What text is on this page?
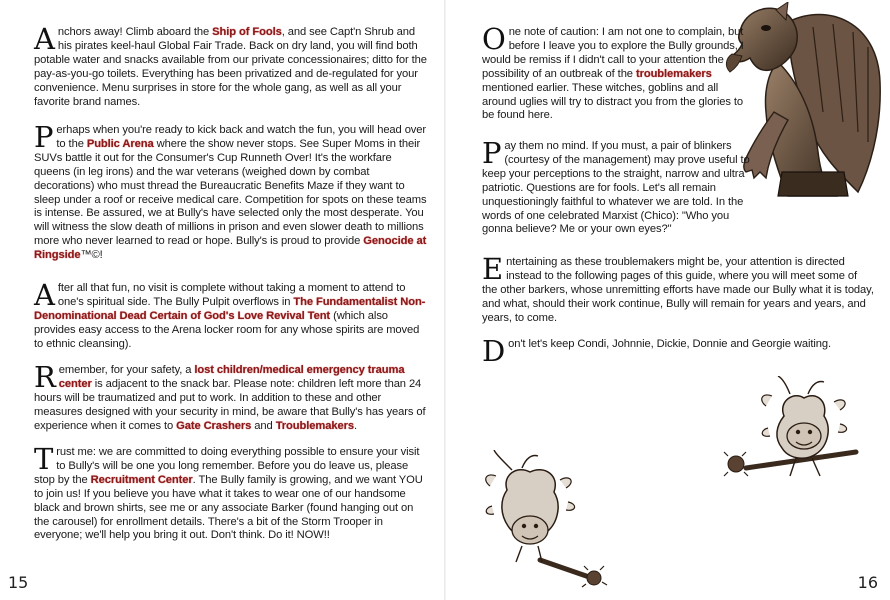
Anchors away! Climb aboard the Ship of Fools, and see Capt'n Shrub and his pirates keel-haul Global Fair Trade. Back on dry land, you will find both potable water and snacks available from our private concessionaires; ditto for the pay-as-you-go toilets. Everything has been privatized and de-regulated for your convenience. Menu surprises in store for the whole gang, as well as all your favorite brand names.

Perhaps when you're ready to kick back and watch the fun, you will head over to the Public Arena where the show never stops. See Super Moms in their SUVs battle it out for the Consumer's Cup Runneth Over! It's the workfare queens (in leg irons) and the war veterans (weighed down by combat decorations) who must thread the Bureaucratic Benefits Maze if they want to sleep under a roof or receive medical care. Competition for spots on these teams is intense. Be assured, we at Bully's have selected only the most desperate. You will witness the slow death of millions in prison and even slower death to millions more who never learned to read or hope. Bully's is proud to provide Genocide at Ringside™©!

After all that fun, no visit is complete without taking a moment to attend to one's spiritual side. The Bully Pulpit overflows in The Fundamentalist Non-Denominational Dead Certain of God's Love Revival Tent (which also provides easy access to the Arena locker room for any whose spirits are moved to ethnic cleansing).

Remember, for your safety, a lost children/medical emergency trauma center is adjacent to the snack bar. Please note: children left more than 24 hours will be traumatized and put to work. In addition to these and other measures designed with your security in mind, be aware that Bully's has years of experience when it comes to Gate Crashers and Troublemakers.

Trust me: we are committed to doing everything possible to ensure your visit to Bully's will be one you long remember. Before you do leave us, please stop by the Recruitment Center. The Bully family is growing, and we want YOU to join us! If you believe you have what it takes to wear one of our handsome black and brown shirts, see me or any associate Barker (found hanging out on the carousel) for enrollment details. There's a bit of the Storm Trooper in everyone; we'll help you bring it out. Don't think. Do it! NOW!!

15

One note of caution: I am not one to complain, but before I leave you to explore the Bully grounds, I would be remiss if I didn't call to your attention the possibility of an outbreak of the troublemakers mentioned earlier. These witches, goblins and all around uglies will try to distract you from the glories to be found here.

Pay them no mind. If you must, a pair of blinkers (courtesy of the management) may prove useful to keep your perceptions to the straight, narrow and ultra patriotic. Questions are for fools. Let's all remain unquestioningly faithful to whatever we are told. In the words of one celebrated Marxist (Chico): "Who you gonna believe? Me or your own eyes?"

Entertaining as these troublemakers might be, your attention is directed instead to the following pages of this guide, where you will meet some of the other barkers, whose unremitting efforts have made our Bully what it is today, and what, should their work continue, Bully will remain for years and years, and years, to come.

Don't let's keep Condi, Johnnie, Dickie, Donnie and Georgie waiting.

16
